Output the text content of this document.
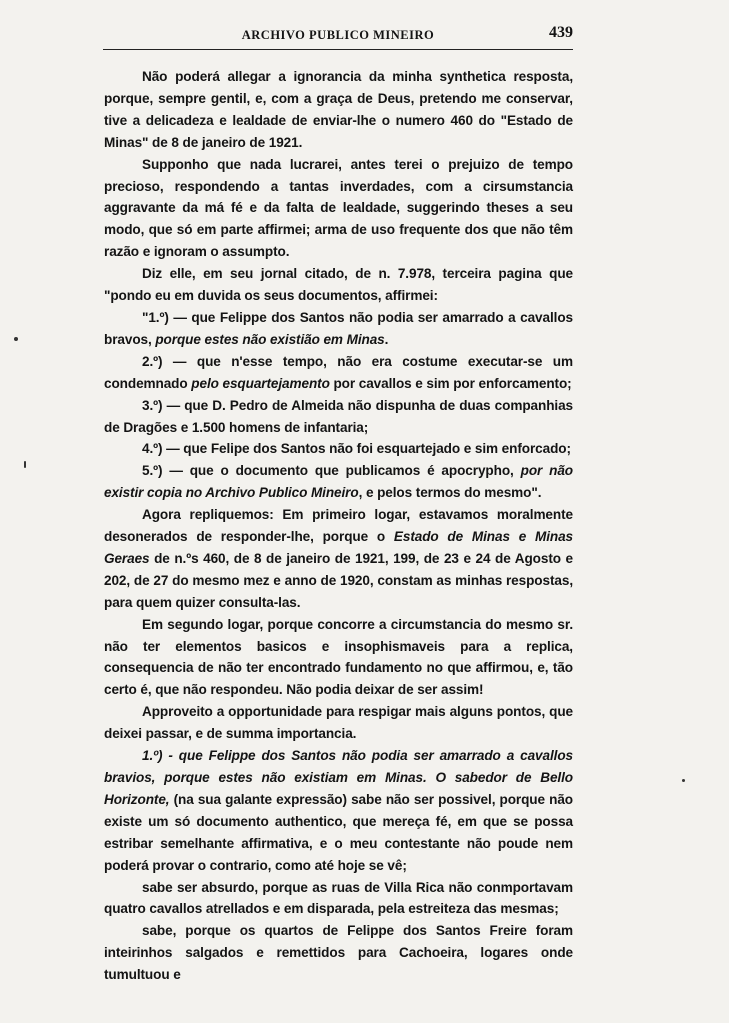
ARCHIVO PUBLICO MINEIRO	439

Não poderá allegar a ignorancia da minha synthetica resposta, porque, sempre gentil, e, com a graça de Deus, pretendo me conservar, tive a delicadeza e lealdade de enviar-lhe o numero 460 do "Estado de Minas" de 8 de janeiro de 1921.

Supponho que nada lucrarei, antes terei o prejuizo de tempo precioso, respondendo a tantas inverdades, com a cirsumstancia aggravante da má fé e da falta de lealdade, suggerindo theses a seu modo, que só em parte affirmei; arma de uso frequente dos que não têm razão e ignoram o assumpto.

Diz elle, em seu jornal citado, de n. 7.978, terceira pagina que "pondo eu em duvida os seus documentos, affirmei:

"1.º) — que Felippe dos Santos não podia ser amarrado a cavallos bravos, porque estes não existião em Minas.

2.º) — que n'esse tempo, não era costume executar-se um condemnado pelo esquartejamento por cavallos e sim por enforcamento;

3.º) — que D. Pedro de Almeida não dispunha de duas companhias de Dragões e 1.500 homens de infantaria;

4.º) — que Felipe dos Santos não foi esquartejado e sim enforcado;

5.º) — que o documento que publicamos é apocrypho, por não existir copia no Archivo Publico Mineiro, e pelos termos do mesmo".

Agora repliquemos: Em primeiro logar, estavamos moralmente desonerados de responder-lhe, porque o Estado de Minas e Minas Geraes de n.ºs 460, de 8 de janeiro de 1921, 199, de 23 e 24 de Agosto e 202, de 27 do mesmo mez e anno de 1920, constam as minhas respostas, para quem quizer consulta-las.

Em segundo logar, porque concorre a circumstancia do mesmo sr. não ter elementos basicos e insophismaveis para a replica, consequencia de não ter encontrado fundamento no que affirmou, e, tão certo é, que não respondeu. Não podia deixar de ser assim!

Approveito a opportunidade para respigar mais alguns pontos, que deixei passar, e de summa importancia.

1.º) - que Felippe dos Santos não podia ser amarrado a cavallos bravios, porque estes não existiam em Minas. O sabedor de Bello Horizonte, (na sua galante expressão) sabe não ser possivel, porque não existe um só documento authentico, que mereça fé, em que se possa estribar semelhante affirmativa, e o meu contestante não poude nem poderá provar o contrario, como até hoje se vê;

sabe ser absurdo, porque as ruas de Villa Rica não conmportavam quatro cavallos atrellados e em disparada, pela estreiteza das mesmas;

sabe, porque os quartos de Felippe dos Santos Freire foram inteirinhos salgados e remettidos para Cachoeira, logares onde tumultuou e
